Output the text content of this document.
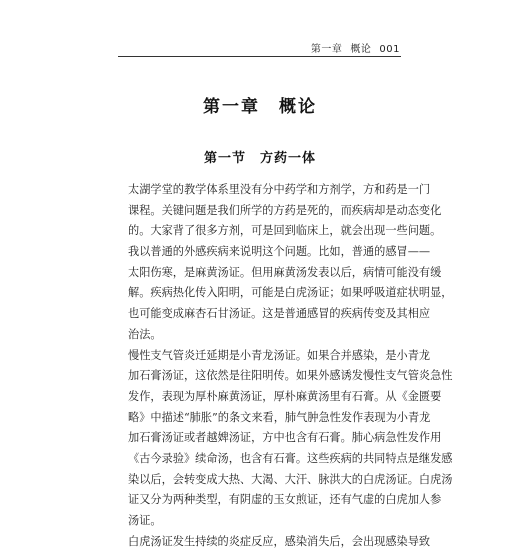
第一章 概论 001
第一章　概论
第一节　方药一体
太湖学堂的教学体系里没有分中药学和方剂学，方和药是一门
课程。关键问题是我们所学的方药是死的，而疾病却是动态变化
的。大家背了很多方剂，可是回到临床上，就会出现一些问题。
我以普通的外感疾病来说明这个问题。比如，普通的感冒——
太阳伤寒，是麻黄汤证。但用麻黄汤发表以后，病情可能没有缓
解。疾病热化传入阳明，可能是白虎汤证；如果呼吸道症状明显，
也可能变成麻杏石甘汤证。这是普通感冒的疾病传变及其相应
治法。
慢性支气管炎迁延期是小青龙汤证。如果合并感染，是小青龙
加石膏汤证，这依然是往阳明传。如果外感诱发慢性支气管炎急性
发作，表现为厚朴麻黄汤证，厚朴麻黄汤里有石膏。从《金匮要
略》中描述“肺胀”的条文来看，肺气肿急性发作表现为小青龙
加石膏汤证或者越婢汤证，方中也含有石膏。肺心病急性发作用
《古今录验》续命汤，也含有石膏。这些疾病的共同特点是继发感
染以后，会转变成大热、大渴、大汗、脉洪大的白虎汤证。白虎汤
证又分为两种类型，有阴虚的玉女煎证，还有气虚的白虎加人参
汤证。
白虎汤证发生持续的炎症反应，感染消失后，会出现感染导致
